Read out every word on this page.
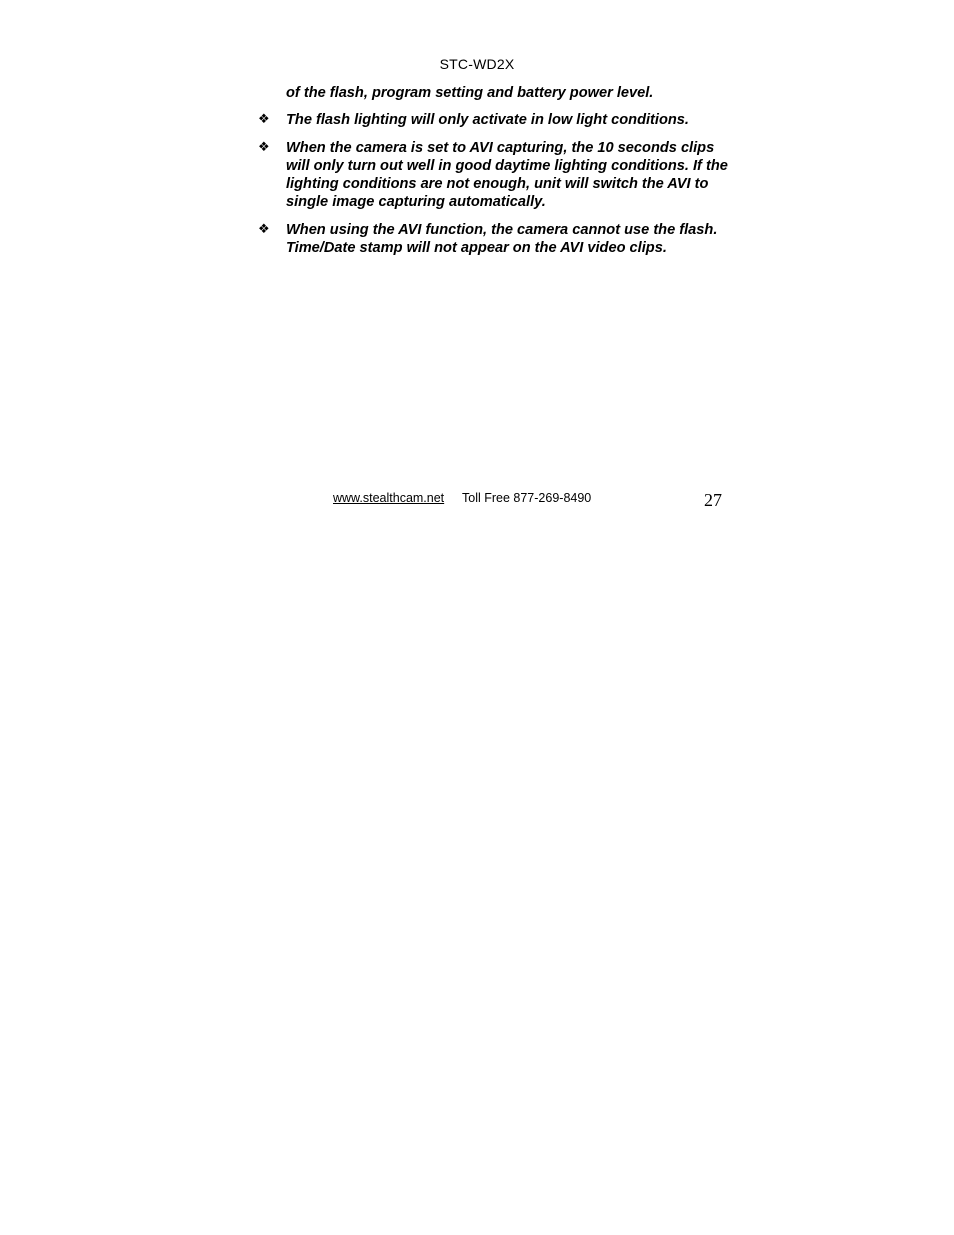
STC-WD2X

of the flash, program setting and battery power level.

❖ The flash lighting will only activate in low light conditions.
❖ When the camera is set to AVI capturing, the 10 seconds clips will only turn out well in good daytime lighting conditions. If the lighting conditions are not enough, unit will switch the AVI to single image capturing automatically.
❖ When using the AVI function, the camera cannot use the flash. Time/Date stamp will not appear on the AVI video clips.
www.stealthcam.net Toll Free 877-269-8490	27
